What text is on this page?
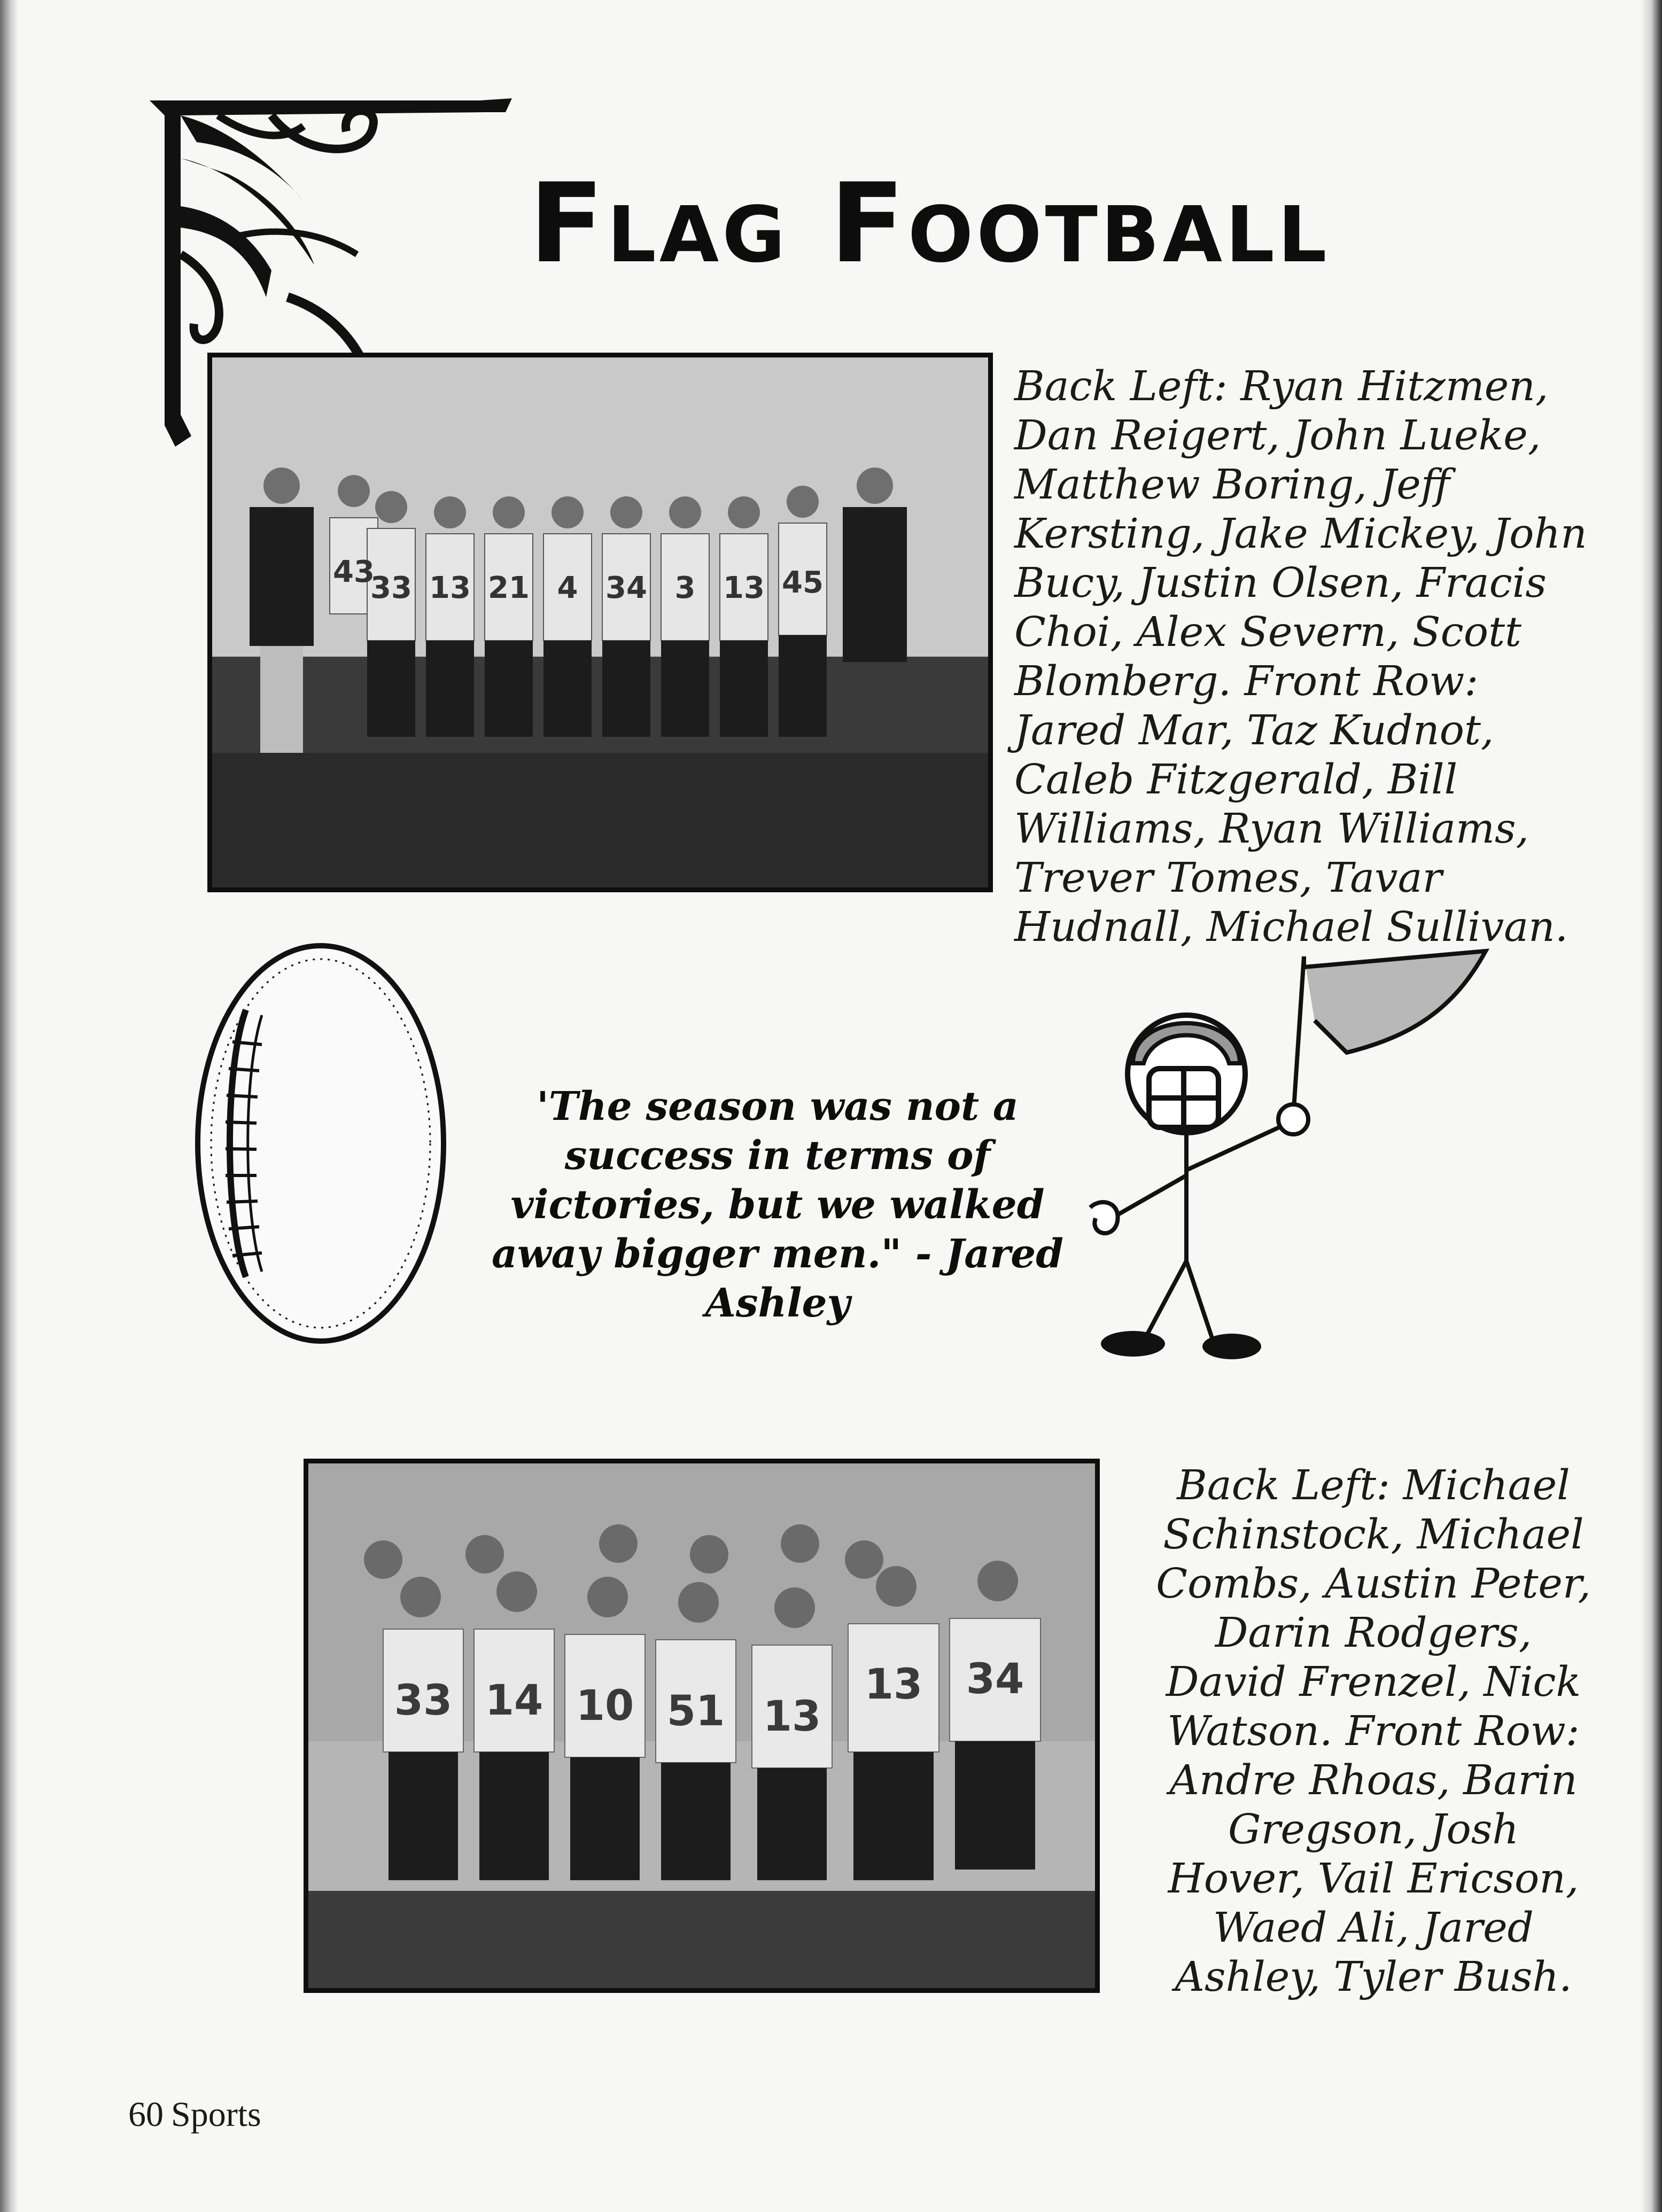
Flag Football
43
33 13 21 4 34 3 13 45
Back Left: Ryan Hitzmen, Dan Reigert, John Lueke, Matthew Boring, Jeff Kersting, Jake Mickey, John Bucy, Justin Olsen, Fracis Choi, Alex Severn, Scott Blomberg. Front Row: Jared Mar, Taz Kudnot, Caleb Fitzgerald, Bill Williams, Ryan Williams, Trever Tomes, Tavar Hudnall, Michael Sullivan.
'The season was not a success in terms of victories, but we walked away bigger men." - Jared Ashley
33 14 10 51 13
13 34
Back Left: Michael Schinstock, Michael Combs, Austin Peter, Darin Rodgers, David Frenzel, Nick Watson. Front Row: Andre Rhoas, Barin Gregson, Josh Hover, Vail Ericson, Waed Ali, Jared Ashley, Tyler Bush.
60 Sports
